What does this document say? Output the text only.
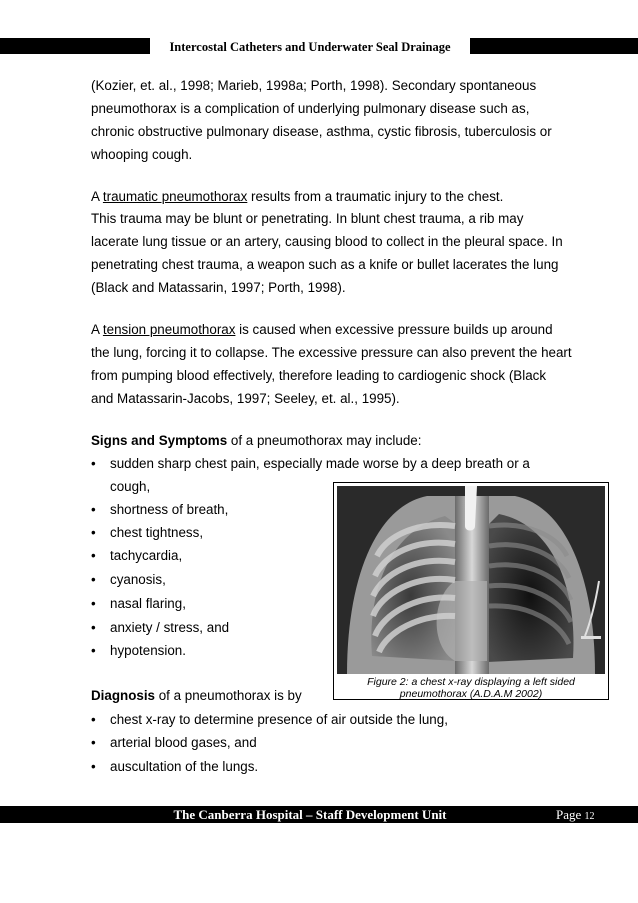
Intercostal Catheters and Underwater Seal Drainage
(Kozier, et. al., 1998; Marieb, 1998a; Porth, 1998). Secondary spontaneous
pneumothorax is a complication of underlying pulmonary disease such as,
chronic obstructive pulmonary disease, asthma, cystic fibrosis, tuberculosis or
whooping cough.
A traumatic pneumothorax results from a traumatic injury to the chest.
This trauma may be blunt or penetrating. In blunt chest trauma, a rib may
lacerate lung tissue or an artery, causing blood to collect in the pleural space. In
penetrating chest trauma, a weapon such as a knife or bullet lacerates the lung
(Black and Matassarin, 1997; Porth, 1998).
A tension pneumothorax is caused when excessive pressure builds up around
the lung, forcing it to collapse. The excessive pressure can also prevent the heart
from pumping blood effectively, therefore leading to cardiogenic shock (Black
and Matassarin-Jacobs, 1997; Seeley, et. al., 1995).
Signs and Symptoms of a pneumothorax may include:
• sudden sharp chest pain, especially made worse by a deep breath or a
cough,
• shortness of breath,
• chest tightness,
• tachycardia,
• cyanosis,
• nasal flaring,
• anxiety / stress, and
• hypotension.
Diagnosis of a pneumothorax is by
• chest x-ray to determine presence of air outside the lung,
• arterial blood gases, and
• auscultation of the lungs.
Figure 2: a chest x-ray displaying a left sided
pneumothorax (A.D.A.M 2002)
The Canberra Hospital – Staff Development Unit	Page 12
